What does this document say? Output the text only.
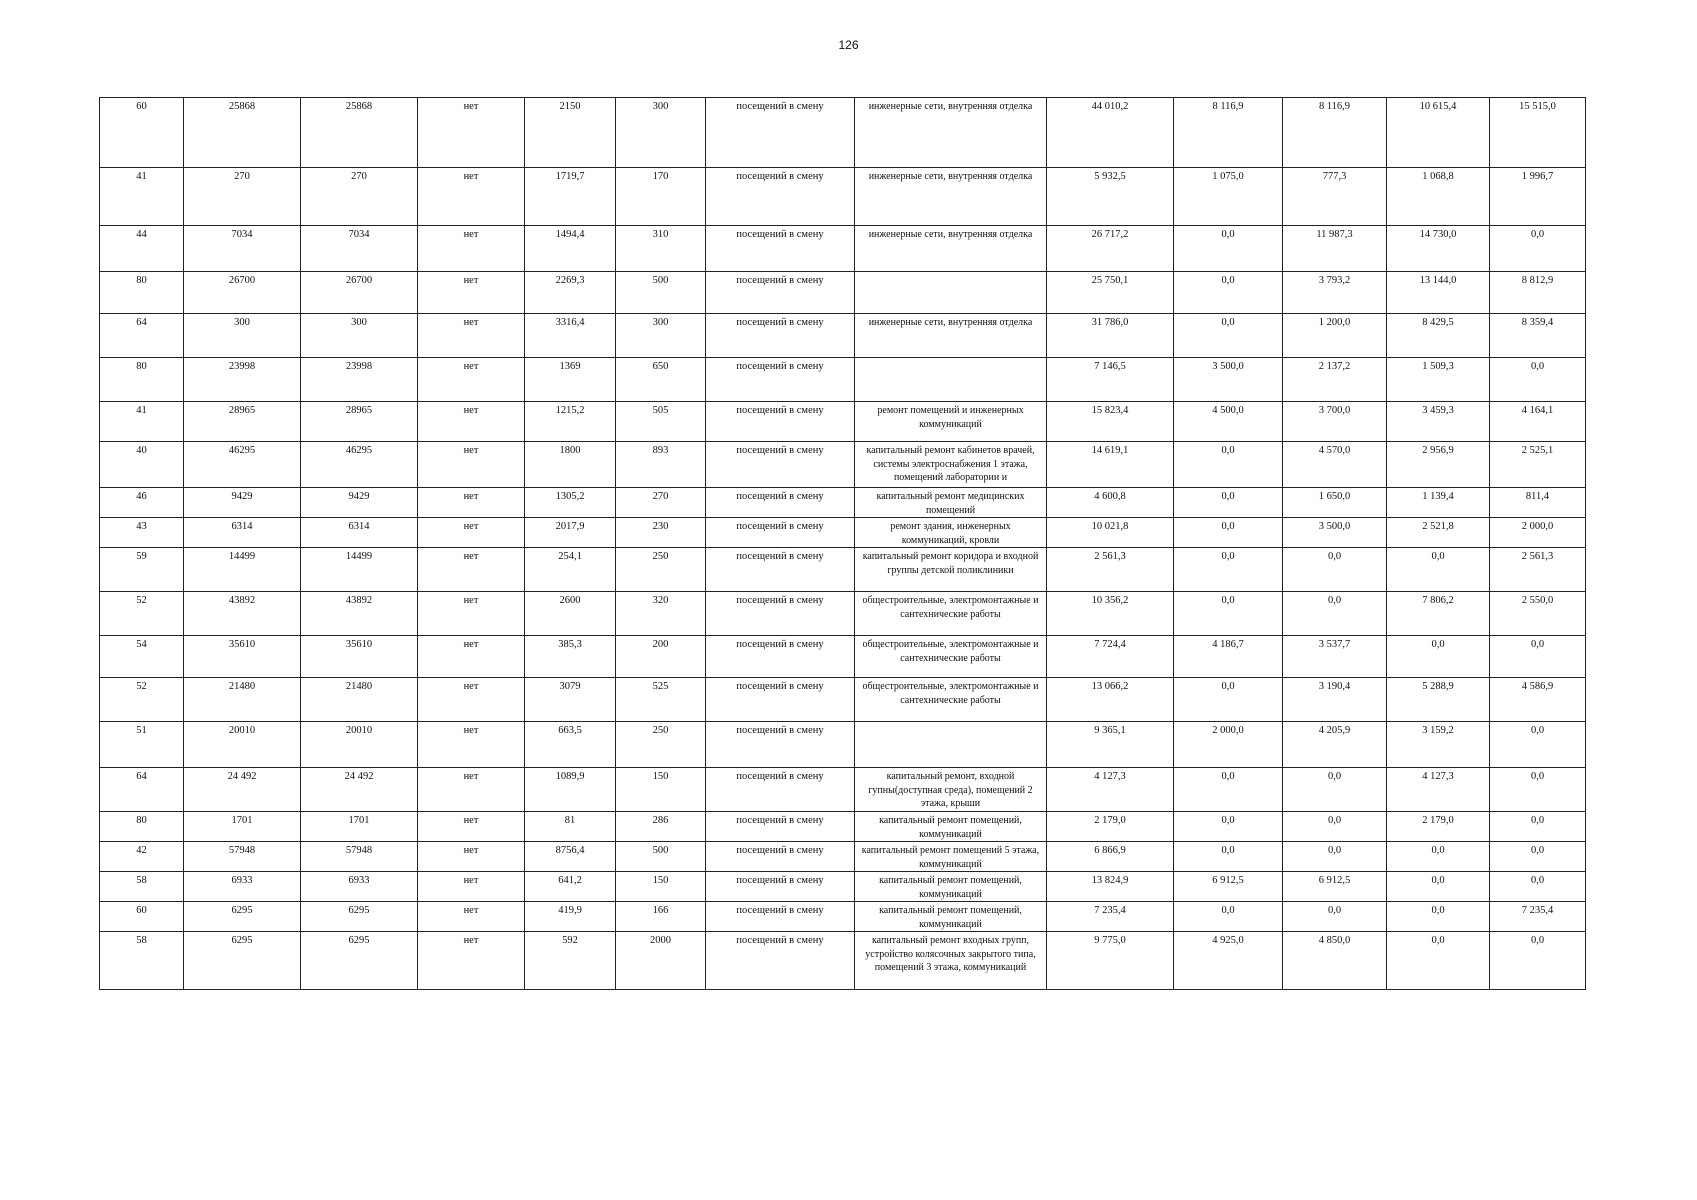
126
60	25868	25868	нет	2150	300	посещений в смену	инженерные сети, внутренняя отделка	44 010,2	8 116,9	8 116,9	10 615,4	15 515,0
41	270	270	нет	1719,7	170	посещений в смену	инженерные сети, внутренняя отделка	5 932,5	1 075,0	777,3	1 068,8	1 996,7
44	7034	7034	нет	1494,4	310	посещений в смену	инженерные сети, внутренняя отделка	26 717,2	0,0	11 987,3	14 730,0	0,0
80	26700	26700	нет	2269,3	500	посещений в смену		25 750,1	0,0	3 793,2	13 144,0	8 812,9
64	300	300	нет	3316,4	300	посещений в смену	инженерные сети, внутренняя отделка	31 786,0	0,0	1 200,0	8 429,5	8 359,4
80	23998	23998	нет	1369	650	посещений в смену		7 146,5	3 500,0	2 137,2	1 509,3	0,0
41	28965	28965	нет	1215,2	505	посещений в смену	ремонт помещений и инженерных коммуникаций	15 823,4	4 500,0	3 700,0	3 459,3	4 164,1
40	46295	46295	нет	1800	893	посещений в смену	капитальный ремонт кабинетов врачей, системы электроснабжения 1 этажа, помещений лаборатории и	14 619,1	0,0	4 570,0	2 956,9	2 525,1
46	9429	9429	нет	1305,2	270	посещений в смену	капитальный ремонт медицинских помещений	4 600,8	0,0	1 650,0	1 139,4	811,4
43	6314	6314	нет	2017,9	230	посещений в смену	ремонт здания, инженерных коммуникаций, кровли	10 021,8	0,0	3 500,0	2 521,8	2 000,0
59	14499	14499	нет	254,1	250	посещений в смену	капитальный ремонт коридора и входной группы детской поликлиники	2 561,3	0,0	0,0	0,0	2 561,3
52	43892	43892	нет	2600	320	посещений в смену	общестроительные, электромонтажные и сантехнические работы	10 356,2	0,0	0,0	7 806,2	2 550,0
54	35610	35610	нет	385,3	200	посещений в смену	общестроительные, электромонтажные и сантехнические работы	7 724,4	4 186,7	3 537,7	0,0	0,0
52	21480	21480	нет	3079	525	посещений в смену	общестроительные, электромонтажные и сантехнические работы	13 066,2	0,0	3 190,4	5 288,9	4 586,9
51	20010	20010	нет	663,5	250	посещений в смену		9 365,1	2 000,0	4 205,9	3 159,2	0,0
64	24 492	24 492	нет	1089,9	150	посещений в смену	капитальный ремонт, входной гупны(доступная среда), помещений 2 этажа, крыши	4 127,3	0,0	0,0	4 127,3	0,0
80	1701	1701	нет	81	286	посещений в смену	капитальный ремонт помещений, коммуникаций	2 179,0	0,0	0,0	2 179,0	0,0
42	57948	57948	нет	8756,4	500	посещений в смену	капитальный ремонт помещений 5 этажа, коммуникаций	6 866,9	0,0	0,0	0,0	0,0
58	6933	6933	нет	641,2	150	посещений в смену	капитальный ремонт помещений, коммуникаций	13 824,9	6 912,5	6 912,5	0,0	0,0
60	6295	6295	нет	419,9	166	посещений в смену	капитальный ремонт помещений, коммуникаций	7 235,4	0,0	0,0	0,0	7 235,4
58	6295	6295	нет	592	2000	посещений в смену	капитальный ремонт входных групп, устройство колясочных закрытого типа, помещений 3 этажа, коммуникаций	9 775,0	4 925,0	4 850,0	0,0	0,0
